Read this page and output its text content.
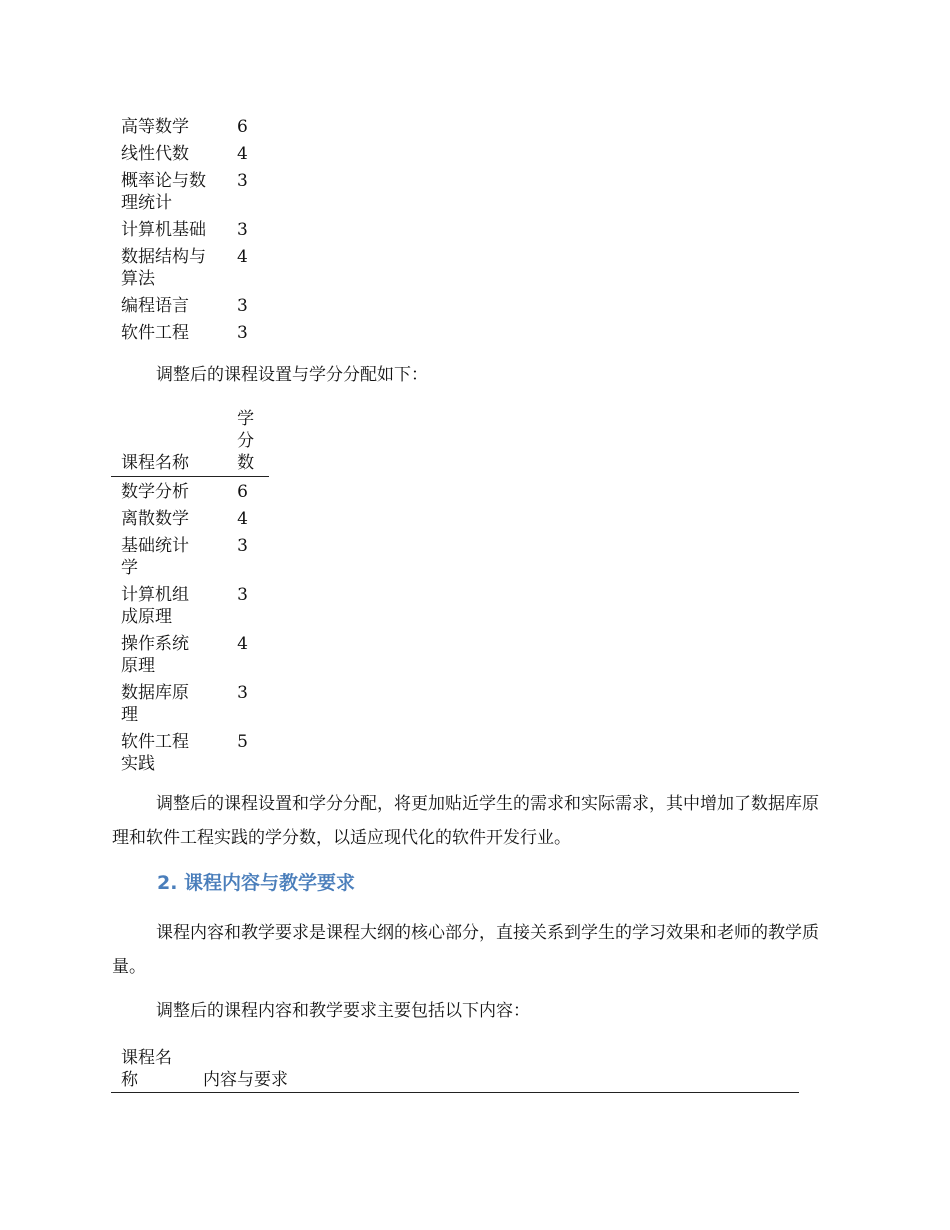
高等数学	6

线性代数	4

概率论与数理统计	3

计算机基础	3

数据结构与算法	4

编程语言	3

软件工程	3

调整后的课程设置与学分分配如下：

课程名称	学分数

数学分析	6

离散数学	4

基础统计学	3

计算机组成原理	3

操作系统原理	4

数据库原理	3

软件工程实践	5

调整后的课程设置和学分分配，将更加贴近学生的需求和实际需求，其中增加了数据库原理和软件工程实践的学分数，以适应现代化的软件开发行业。

2. 课程内容与教学要求

课程内容和教学要求是课程大纲的核心部分，直接关系到学生的学习效果和老师的教学质量。

调整后的课程内容和教学要求主要包括以下内容：

课程名称	内容与要求
